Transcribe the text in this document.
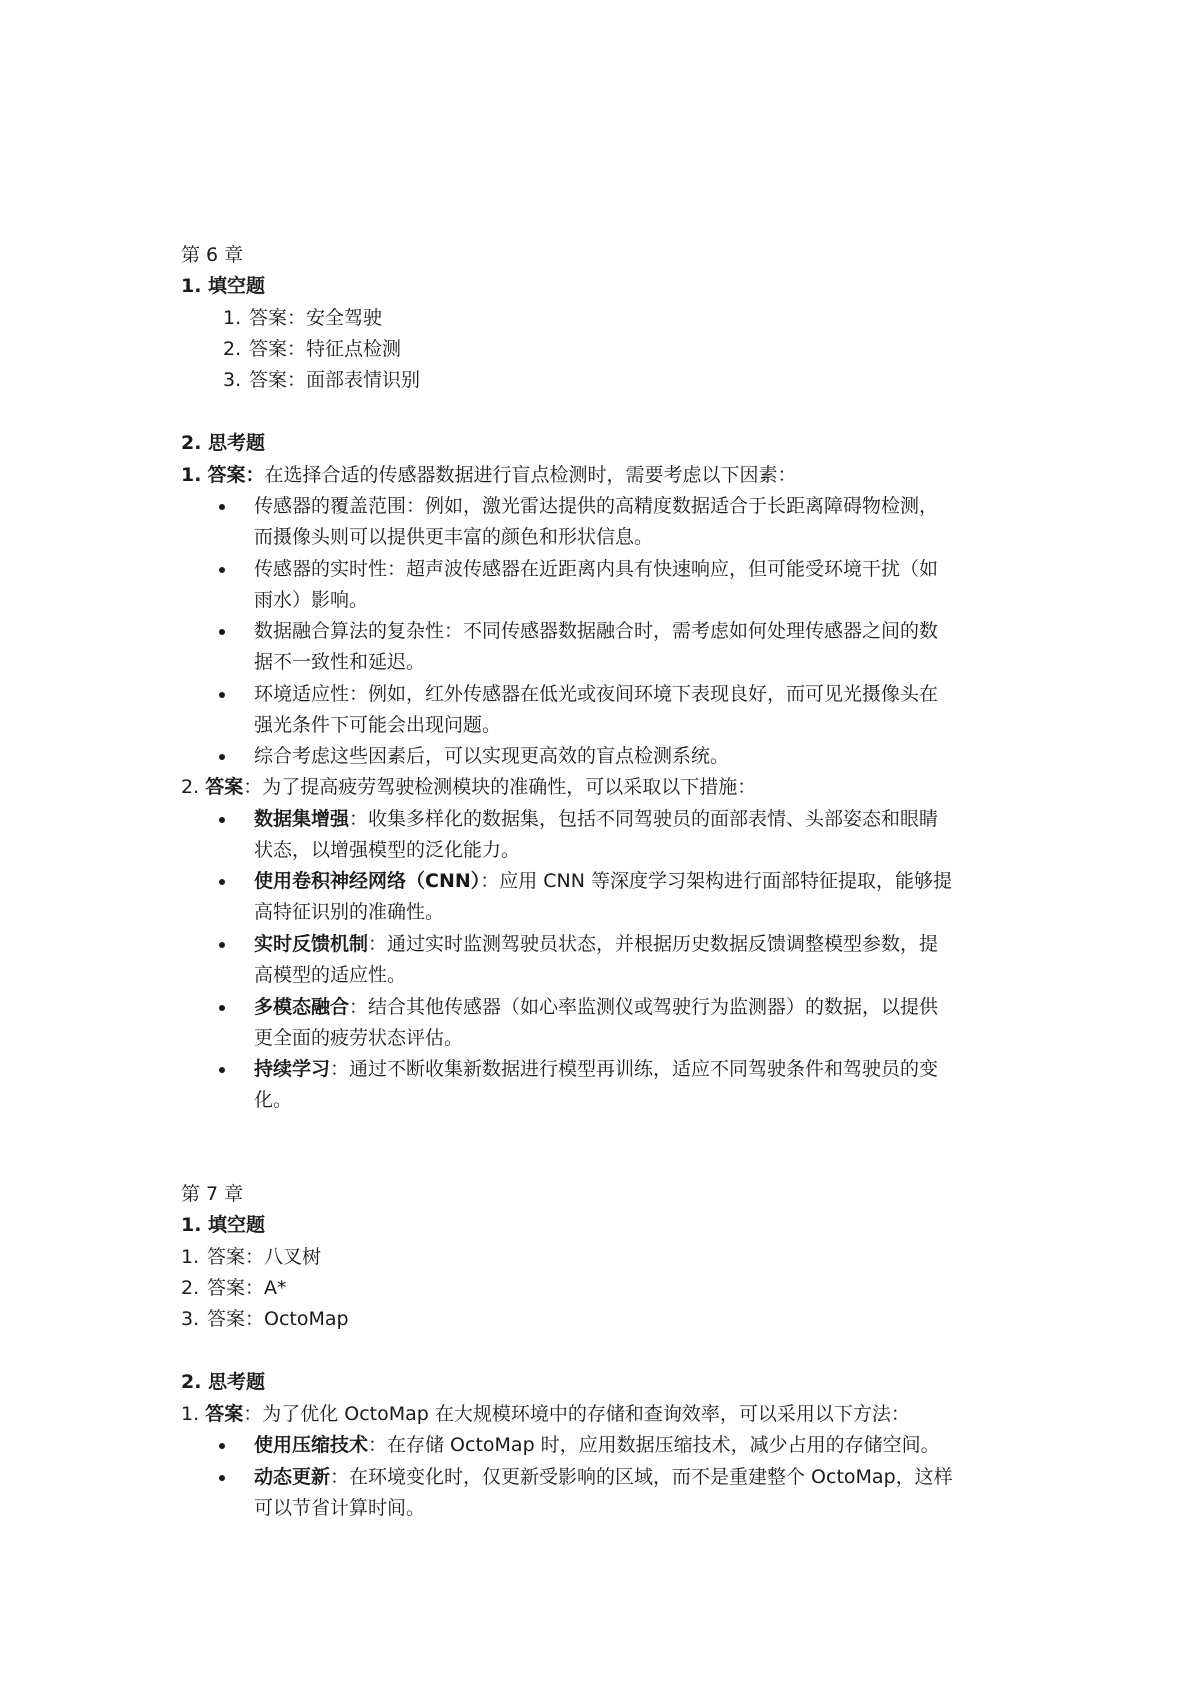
第 6 章
1. 填空题
1. 答案：安全驾驶
2. 答案：特征点检测
3. 答案：面部表情识别
2. 思考题
1. 答案：在选择合适的传感器数据进行盲点检测时，需要考虑以下因素：
传感器的覆盖范围：例如，激光雷达提供的高精度数据适合于长距离障碍物检测，
而摄像头则可以提供更丰富的颜色和形状信息。
传感器的实时性：超声波传感器在近距离内具有快速响应，但可能受环境干扰（如
雨水）影响。
数据融合算法的复杂性：不同传感器数据融合时，需考虑如何处理传感器之间的数
据不一致性和延迟。
环境适应性：例如，红外传感器在低光或夜间环境下表现良好，而可见光摄像头在
强光条件下可能会出现问题。
综合考虑这些因素后，可以实现更高效的盲点检测系统。
2. 答案：为了提高疲劳驾驶检测模块的准确性，可以采取以下措施：
数据集增强：收集多样化的数据集，包括不同驾驶员的面部表情、头部姿态和眼睛
状态，以增强模型的泛化能力。
使用卷积神经网络（CNN）：应用 CNN 等深度学习架构进行面部特征提取，能够提
高特征识别的准确性。
实时反馈机制：通过实时监测驾驶员状态，并根据历史数据反馈调整模型参数，提
高模型的适应性。
多模态融合：结合其他传感器（如心率监测仪或驾驶行为监测器）的数据，以提供
更全面的疲劳状态评估。
持续学习：通过不断收集新数据进行模型再训练，适应不同驾驶条件和驾驶员的变
化。
第 7 章
1. 填空题
1. 答案：八叉树
2. 答案：A*
3. 答案：OctoMap
2. 思考题
1. 答案：为了优化 OctoMap 在大规模环境中的存储和查询效率，可以采用以下方法：
使用压缩技术：在存储 OctoMap 时，应用数据压缩技术，减少占用的存储空间。
动态更新：在环境变化时，仅更新受影响的区域，而不是重建整个 OctoMap，这样
可以节省计算时间。
